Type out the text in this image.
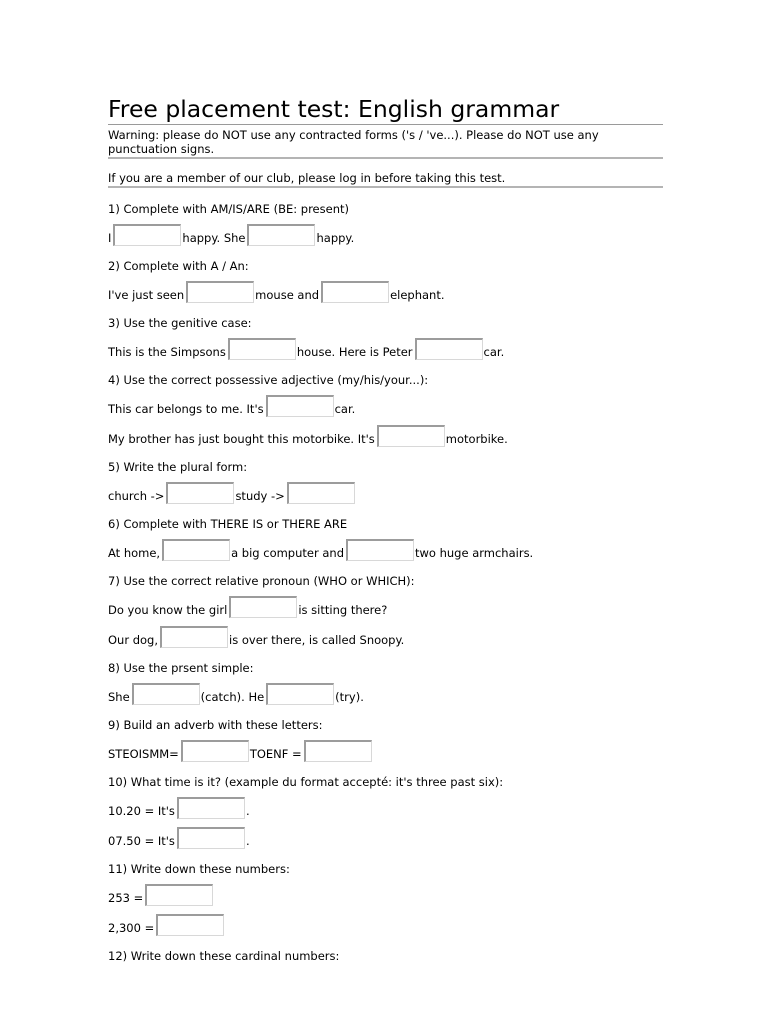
Free placement test: English grammar
Warning: please do NOT use any contracted forms ('s / 've...). Please do NOT use any punctuation signs.
If you are a member of our club, please log in before taking this test.
1) Complete with AM/IS/ARE (BE: present)
I	happy. She	happy.
2) Complete with A / An:
I've just seen	mouse and	elephant.
3) Use the genitive case:
This is the Simpsons	house. Here is Peter	car.
4) Use the correct possessive adjective (my/his/your...):
This car belongs to me. It's	car.
My brother has just bought this motorbike. It's	motorbike.
5) Write the plural form:
church ->	study ->
6) Complete with THERE IS or THERE ARE
At home,	a big computer and	two huge armchairs.
7) Use the correct relative pronoun (WHO or WHICH):
Do you know the girl	is sitting there?
Our dog,	is over there, is called Snoopy.
8) Use the prsent simple:
She	(catch). He	(try).
9) Build an adverb with these letters:
STEOISMM=	TOENF =
10) What time is it? (example du format accepté: it's three past six):
10.20 = It's	.
07.50 = It's	.
11) Write down these numbers:
253 =
2,300 =
12) Write down these cardinal numbers:
